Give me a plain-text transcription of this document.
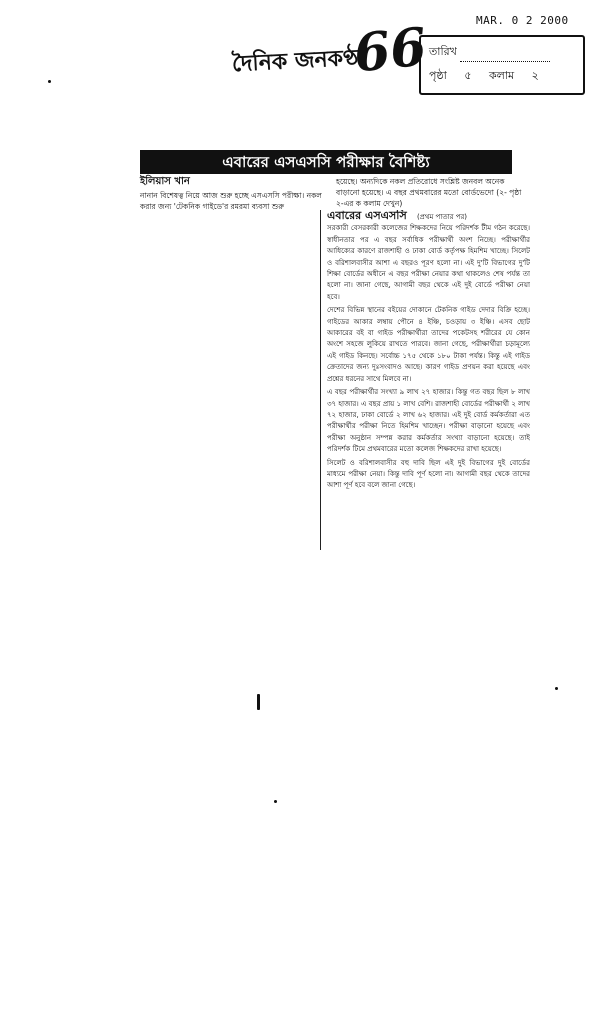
MAR. 0 2 2000
দৈনিক জনকণ্ঠ
66 তারিখ
পৃষ্ঠা ৫ কলাম ২
এবারের এসএসসি পরীক্ষার বৈশিষ্ট্য
ইলিয়াস খান
নানান বিশেষত্ব নিয়ে আজ শুরু হচ্ছে এসএসসি পরীক্ষা। নকল করার জন্য 'টেকনিক গাইডে'র রমরমা ব্যবসা শুরু
হয়েছে। অন্যদিকে নকল প্রতিরোধে সংশ্লিষ্ট জনবল অনেক বাড়ানো হয়েছে। এ বছর প্রথমবারের মতো বোর্ডভেদো (২- পৃষ্ঠা ২-এর ক কলাম দেখুন)
এবারের এসএসসি (প্রথম পাতার পর)

সরকারী বেসরকারী কলেজের শিক্ষকদের নিয়ে পরিদর্শক টীম গঠন করেছে। স্বাধীনতার পর এ বছর সর্বাধিক পরীক্ষার্থী অংশ নিচ্ছে। পরীক্ষার্থীর আধিক্যের কারণে রাজশাহী ও ঢাকা বোর্ড কর্তৃপক্ষ হিমশিম খাচ্ছে। সিলেট ও বরিশালবাসীর আশা এ বছরও পূরণ হলো না। এই দু'টি বিভাগের দু'টি শিক্ষা বোর্ডের অধীনে এ বছর পরীক্ষা নেয়ার কথা থাকলেও শেষ পর্যন্ত তা হলো না। জানা গেছে, আগামী বছর থেকে এই দুই বোর্ডে পরীক্ষা নেয়া হবে।

দেশের বিভিন্ন স্থানের বইয়ের দোকানে টেকনিক গাইড দেদার বিক্রি হচ্ছে। গাইডের আকার লম্বায় পৌনে ৪ ইঞ্চি, চওড়ায় ৩ ইঞ্চি। এসব ছোট আকারের বই বা গাইড পরীক্ষার্থীরা তাদের পকেটসহ শরীরের যে কোন অংশে সহজে লুকিয়ে রাখতে পারবে। জানা গেছে, পরীক্ষার্থীরা চড়ামূল্যে এই গাইড কিনছে। সর্বোচ্চ ১৭৫ থেকে ১৮০ টাকা পর্যন্ত। কিন্তু এই গাইড ক্রেতাদের জন্য দুঃসংবাদও আছে। কারণ গাইড প্রণয়ন করা হয়েছে এবং প্রশ্নের ধরনের সাথে মিলবে না।

এ বছর পরীক্ষার্থীর সংখ্যা ৯ লাখ ২৭ হাজার। কিন্তু গত বছর ছিল ৮ লাখ ৩৭ হাজার। এ বছর প্রায় ১ লাখ বেশি। রাজশাহী বোর্ডের পরীক্ষার্থী ২ লাখ ৭২ হাজার, ঢাকা বোর্ডে ২ লাখ ৬২ হাজার। এই দুই বোর্ড কর্মকর্তারা এত পরীক্ষার্থীর পরীক্ষা নিতে হিমশিম খাচ্ছেন। পরীক্ষা বাড়ানো হয়েছে এবং পরীক্ষা অনুষ্ঠান সম্পন্ন করার কর্মকর্তার সংখ্যা বাড়ানো হয়েছে। তাই পরিদর্শক টিমে প্রথমবারের মতো কলেজ শিক্ষকদের রাখা হয়েছে।

সিলেট ও বরিশালবাসীর বহু দাবি ছিল এই দুই বিভাগের দুই বোর্ডের মাধ্যমে পরীক্ষা নেয়া। কিন্তু দাবি পূর্ণ হলো না। আগামী বছর থেকে তাদের আশা পূর্ণ হবে বলে জানা গেছে।
